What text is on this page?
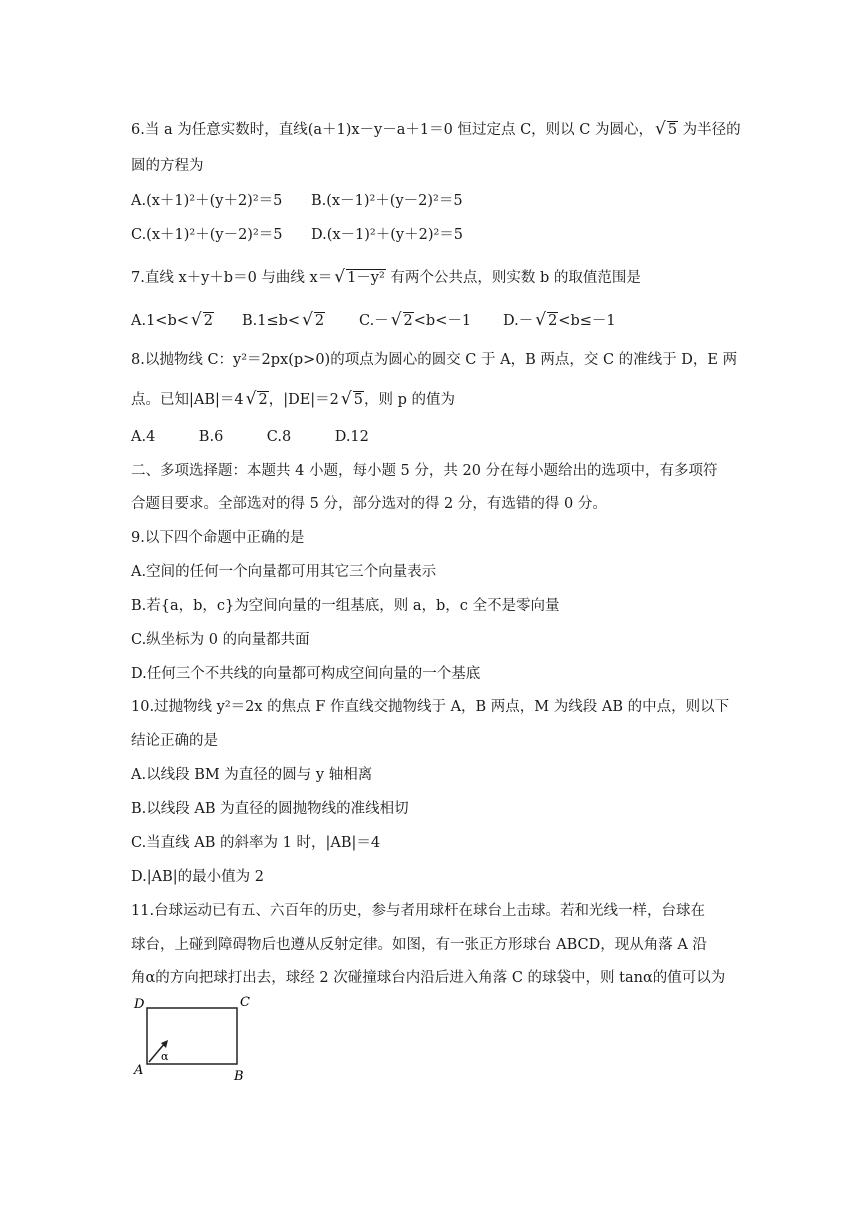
6.当 a 为任意实数时，直线(a＋1)x－y－a＋1＝0 恒过定点 C，则以 C 为圆心， √ 5 为半径的
圆的方程为
A.(x＋1)²＋(y＋2)²＝5 B.(x－1)²＋(y－2)²＝5
C.(x＋1)²＋(y－2)²＝5 D.(x－1)²＋(y＋2)²＝5
7.直线 x＋y＋b＝0 与曲线 x＝ √ 1－y² 有两个公共点，则实数 b 的取值范围是
A.1<b< √ 2 B.1≤b< √ 2 C.－ √ 2<b<－1 D.－ √ 2<b≤－1
8.以抛物线 C：y²＝2px(p>0)的项点为圆心的圆交 C 于 A，B 两点，交 C 的准线于 D，E 两
点。已知|AB|＝4 √ 2，|DE|＝2 √ 5，则 p 的值为
A.4　　　B.6　　　C.8　　　D.12
二、多项选择题：本题共 4 小题，每小题 5 分，共 20 分在每小题给出的选项中，有多项符
合题目要求。全部选对的得 5 分，部分选对的得 2 分，有选错的得 0 分。
9.以下四个命题中正确的是
A.空间的任何一个向量都可用其它三个向量表示
B.若{a，b，c}为空间向量的一组基底，则 a，b，c 全不是零向量
C.纵坐标为 0 的向量都共面
D.任何三个不共线的向量都可构成空间向量的一个基底
10.过抛物线 y²＝2x 的焦点 F 作直线交抛物线于 A，B 两点，M 为线段 AB 的中点，则以下
结论正确的是
A.以线段 BM 为直径的圆与 y 轴相离
B.以线段 AB 为直径的圆抛物线的准线相切
C.当直线 AB 的斜率为 1 时，|AB|＝4
D.|AB|的最小值为 2
11.台球运动已有五、六百年的历史，参与者用球杆在球台上击球。若和光线一样，台球在
球台，上碰到障碍物后也遵从反射定律。如图，有一张正方形球台 ABCD，现从角落 A 沿
角α的方向把球打出去，球经 2 次碰撞球台内沿后进入角落 C 的球袋中，则 tanα的值可以为
D	C
A	B
α
